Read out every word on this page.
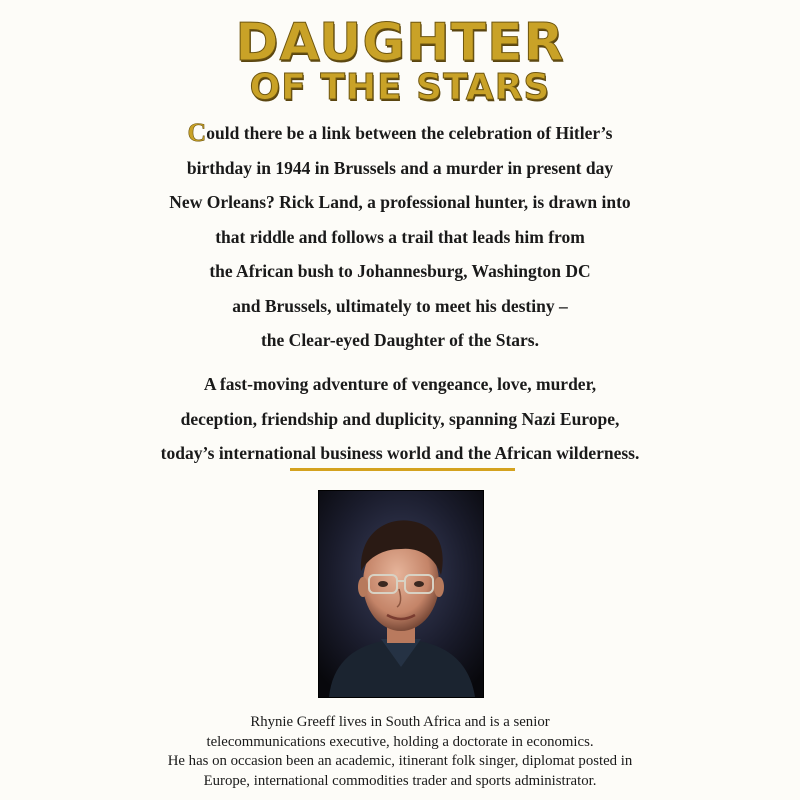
DAUGHTER
OF THE STARS
Could there be a link between the celebration of Hitler’s
birthday in 1944 in Brussels and a murder in present day
New Orleans? Rick Land, a professional hunter, is drawn into
that riddle and follows a trail that leads him from
the African bush to Johannesburg, Washington DC
and Brussels, ultimately to meet his destiny –
the Clear-eyed Daughter of the Stars.
A fast-moving adventure of vengeance, love, murder,
deception, friendship and duplicity, spanning Nazi Europe,
today’s international business world and the African wilderness.
Rhynie Greeff lives in South Africa and is a senior
telecommunications executive, holding a doctorate in economics.
He has on occasion been an academic, itinerant folk singer, diplomat posted in
Europe, international commodities trader and sports administrator.
